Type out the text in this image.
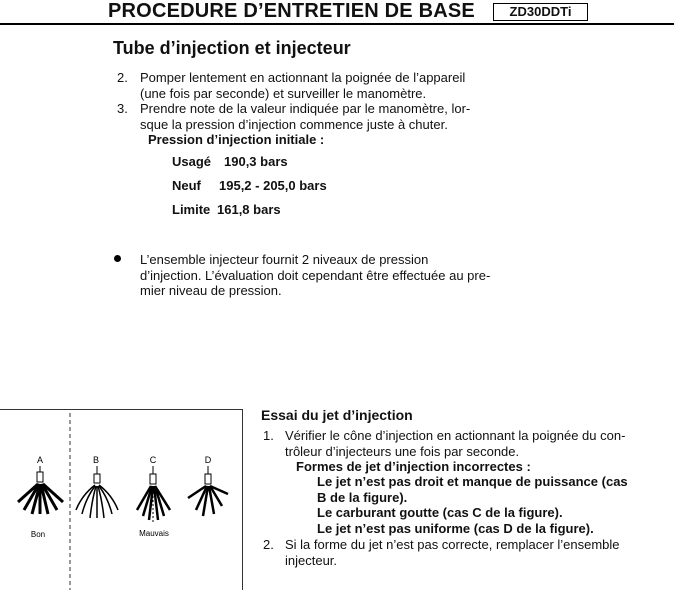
PROCEDURE D’ENTRETIEN DE BASE	ZD30DDTi
Tube d’injection et injecteur
2. Pomper lentement en actionnant la poignée de l’appareil
(une fois par seconde) et surveiller le manomètre.
3. Prendre note de la valeur indiquée par le manomètre, lor-
sque la pression d’injection commence juste à chuter.
Pression d’injection initiale :
Usagé 190,3 bars
Neuf 195,2 - 205,0 bars
Limite 161,8 bars
L’ensemble injecteur fournit 2 niveaux de pression
d’injection. L’évaluation doit cependant être effectuée au pre-
mier niveau de pression.
A	B	C	D
Bon	Mauvais
Essai du jet d’injection
1. Vérifier le cône d’injection en actionnant la poignée du con-
trôleur d’injecteurs une fois par seconde.
Formes de jet d’injection incorrectes :
Le jet n’est pas droit et manque de puissance (cas
B de la figure).
Le carburant goutte (cas C de la figure).
Le jet n’est pas uniforme (cas D de la figure).
2. Si la forme du jet n’est pas correcte, remplacer l’ensemble
injecteur.
